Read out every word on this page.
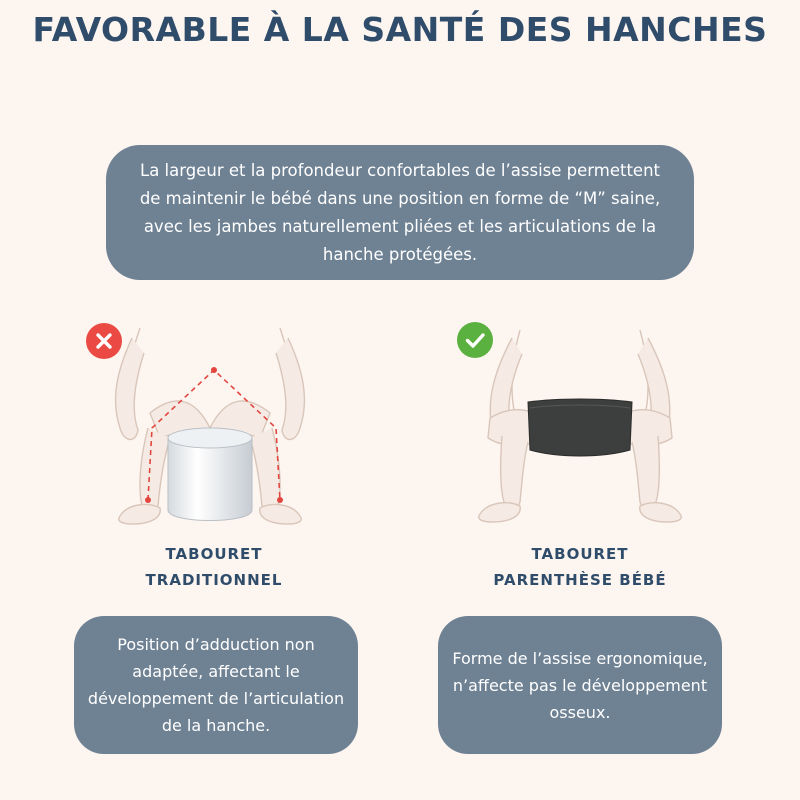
FAVORABLE À LA SANTÉ DES HANCHES
La largeur et la profondeur confortables de l’assise permettent de maintenir le bébé dans une position en forme de “M” saine, avec les jambes naturellement pliées et les articulations de la hanche protégées.
TABOURET
TRADITIONNEL
TABOURET
PARENTHÈSE BÉBÉ
Position d’adduction non adaptée, affectant le développement de l’articulation de la hanche.
Forme de l’assise ergonomique, n’affecte pas le développement osseux.
